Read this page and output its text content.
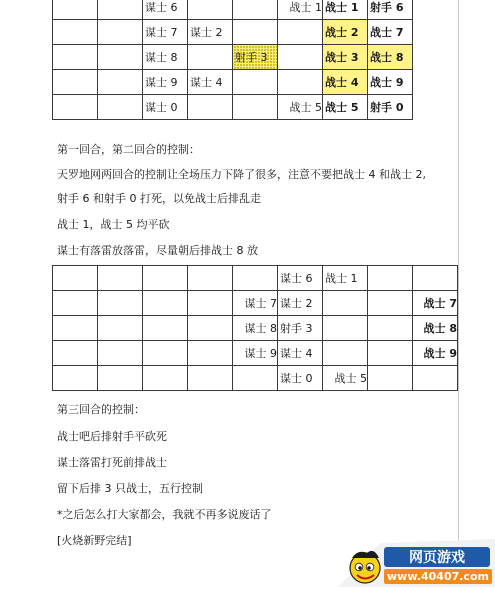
		谋士 6			战士 1	战士 1	射手 6
		谋士 7	谋士 2			战士 2	战士 7
		谋士 8		射手 3		战士 3	战士 8
		谋士 9	谋士 4			战士 4	战士 9
		谋士 0			战士 5	战士 5	射手 0
第一回合，第二回合的控制：
天罗地网两回合的控制让全场压力下降了很多，注意不要把战士 4 和战士 2,
射手 6 和射手 0 打死，以免战士后排乱走
战士 1，战士 5 均平砍
谋士有落雷放落雷，尽量朝后排战士 8 放
					谋士 6	战士 1		
				谋士 7	谋士 2			战士 7
				谋士 8	射手 3			战士 8
				谋士 9	谋士 4			战士 9
					谋士 0	战士 5		
第三回合的控制：
战士吧后排射手平砍死
谋士落雷打死前排战士
留下后排 3 只战士，五行控制
*之后怎么打大家都会，我就不再多说废话了
[火烧新野完结]
网页游戏
www.40407.com
